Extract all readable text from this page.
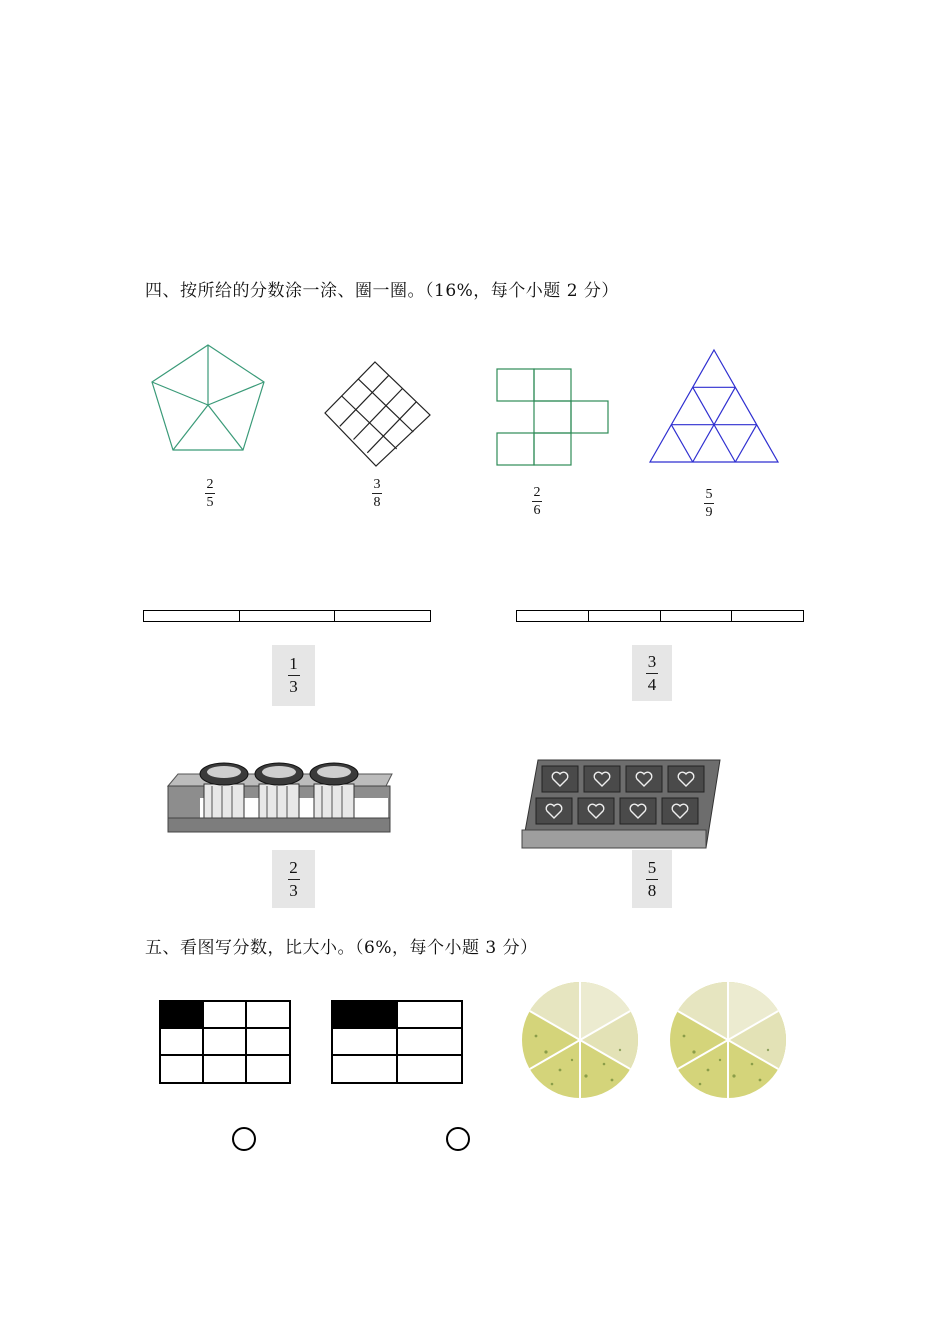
四、按所给的分数涂一涂、圈一圈。（16%，每个小题 2 分）
2
5
3
8
2
6
5
9
1
3
3
4
2
3
5
8
五、看图写分数，比大小。（6%，每个小题 3 分）
